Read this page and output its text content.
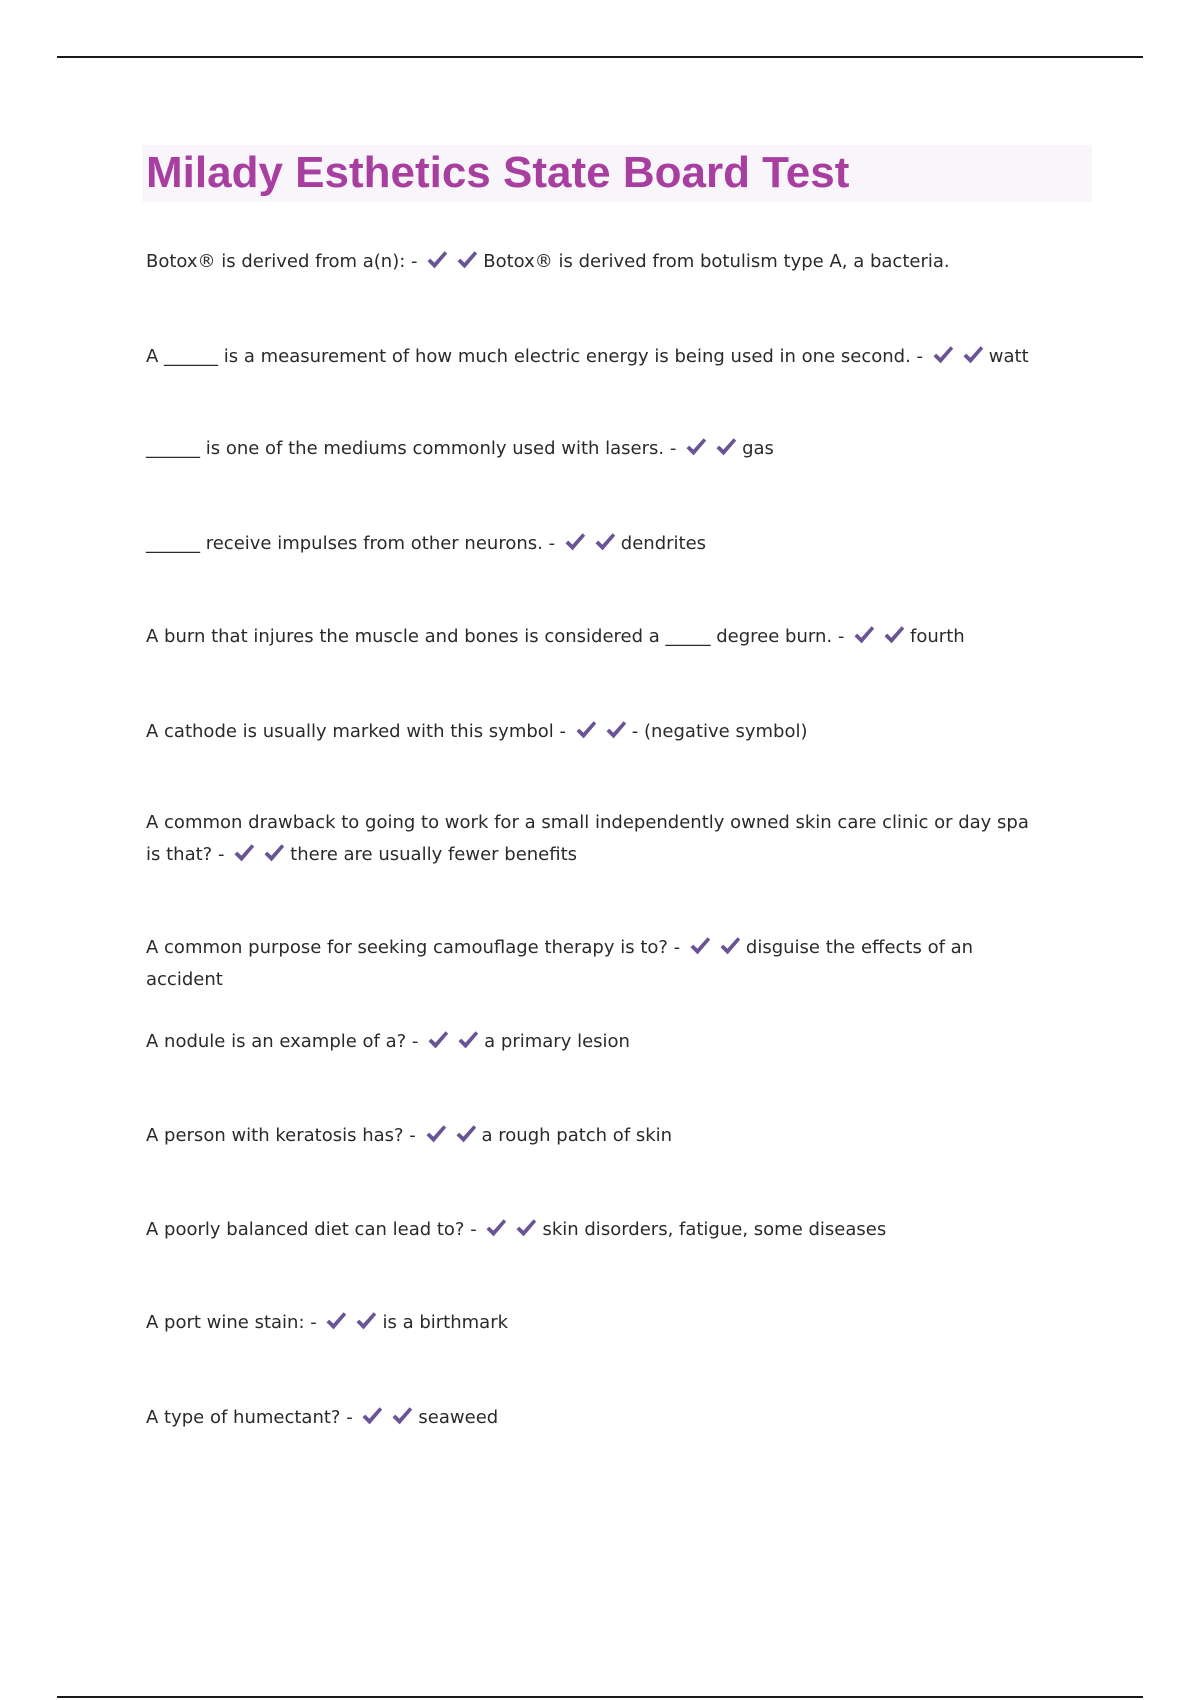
Milady Esthetics State Board Test
Botox® is derived from a(n): -	Botox® is derived from botulism type A, a bacteria.
A ______ is a measurement of how much electric energy is being used in one second. -	watt
______ is one of the mediums commonly used with lasers. -	gas
______ receive impulses from other neurons. -	dendrites
A burn that injures the muscle and bones is considered a _____ degree burn. -	fourth
A cathode is usually marked with this symbol -	- (negative symbol)
A common drawback to going to work for a small independently owned skin care clinic or day spa is that? -	there are usually fewer benefits
A common purpose for seeking camouflage therapy is to? -	disguise the effects of an accident
A nodule is an example of a? -	a primary lesion
A person with keratosis has? -	a rough patch of skin
A poorly balanced diet can lead to? -	skin disorders, fatigue, some diseases
A port wine stain: -	is a birthmark
A type of humectant? -	seaweed
